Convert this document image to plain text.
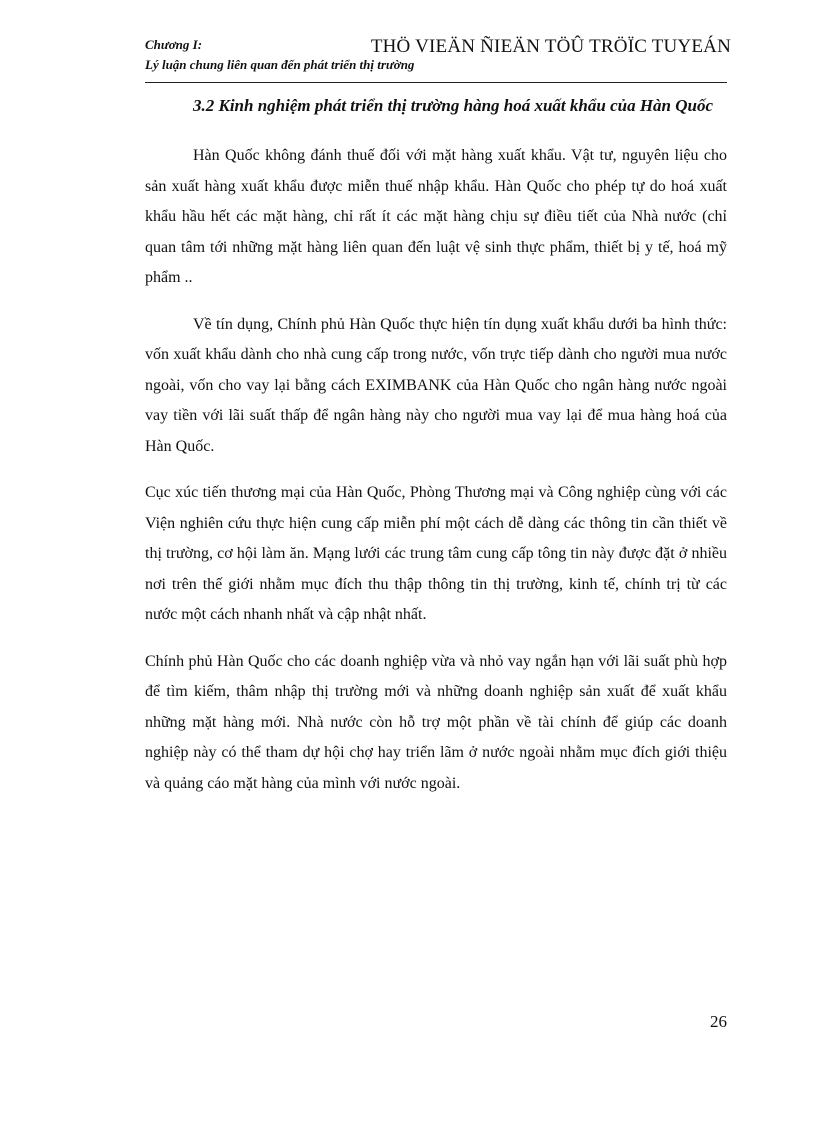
Chương I:

Lý luận chung liên quan đến phát triển thị trường

THÖ VIEÄN ÑIEÄN TÖÛ TRÖÏC TUYEÁN

3.2 Kinh nghiệm phát triển thị trường hàng hoá xuất khẩu của Hàn Quốc

Hàn Quốc không đánh thuế đối với mặt hàng xuất khẩu. Vật tư, nguyên liệu cho sản xuất hàng xuất khẩu được miễn thuế nhập khẩu. Hàn Quốc cho phép tự do hoá xuất khẩu hầu hết các mặt hàng, chỉ rất ít các mặt hàng chịu sự điều tiết của Nhà nước (chỉ quan tâm tới những mặt hàng liên quan đến luật vệ sinh thực phẩm, thiết bị y tế, hoá mỹ phẩm ..

Về tín dụng, Chính phủ Hàn Quốc thực hiện tín dụng xuất khẩu dưới ba hình thức: vốn xuất khẩu dành cho nhà cung cấp trong nước, vốn trực tiếp dành cho người mua nước ngoài, vốn cho vay lại bằng cách EXIMBANK của Hàn Quốc cho ngân hàng nước ngoài vay tiền với lãi suất thấp để ngân hàng này cho người mua vay lại để mua hàng hoá của Hàn Quốc.

Cục xúc tiến thương mại của Hàn Quốc, Phòng Thương mại và Công nghiệp cùng với các Viện nghiên cứu thực hiện cung cấp miễn phí một cách dễ dàng các thông tin cần thiết về thị trường, cơ hội làm ăn. Mạng lưới các trung tâm cung cấp tông tin này được đặt ở nhiều nơi trên thế giới nhằm mục đích thu thập thông tin thị trường, kinh tế, chính trị từ các nước một cách nhanh nhất và cập nhật nhất.

Chính phủ Hàn Quốc cho các doanh nghiệp vừa và nhỏ vay ngắn hạn với lãi suất phù hợp để tìm kiếm, thâm nhập thị trường mới và những doanh nghiệp sản xuất để xuất khẩu những mặt hàng mới. Nhà nước còn hỗ trợ một phần về tài chính để giúp các doanh nghiệp này có thể tham dự hội chợ hay triển lãm ở nước ngoài nhằm mục đích giới thiệu và quảng cáo mặt hàng của mình với nước ngoài.

26
